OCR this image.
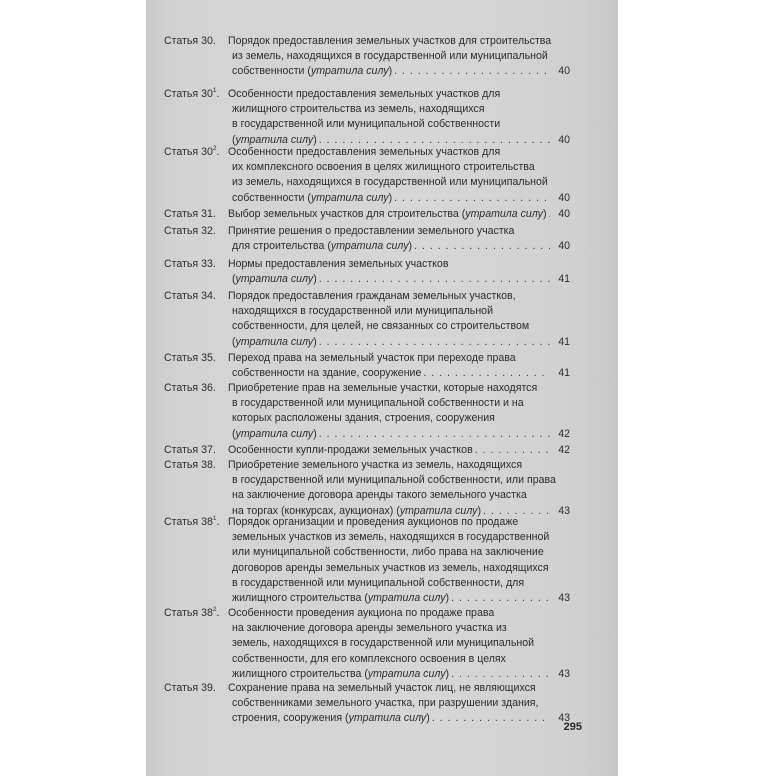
Статья 30.	Порядок предоставления земельных участков для строительства
из земель, находящихся в государственной или муниципальной
собственности (утратила силу) . . .	40
Статья $30^1$. Особенности предоставления земельных участков для
жилищного строительства из земель, находящихся
в государственной или муниципальной собственности
(утратила силу) . . .	40
Статья $30^2$. Особенности предоставления земельных участков для
их комплексного освоения в целях жилищного строительства
из земель, находящихся в государственной или муниципальной
собственности (утратила силу) . . .	40
Статья 31.	Выбор земельных участков для строительства (утратила силу) . . .	40
Статья 32.	Принятие решения о предоставлении земельного участка
для строительства (утратила силу) . . .	40
Статья 33.	Нормы предоставления земельных участков
(утратила силу) . . .	41
Статья 34.	Порядок предоставления гражданам земельных участков,
находящихся в государственной или муниципальной
собственности, для целей, не связанных со строительством
(утратила силу) . . .	41
Статья 35.	Переход права на земельный участок при переходе права
собственности на здание, сооружение . . .	41
Статья 36.	Приобретение прав на земельные участки, которые находятся
в государственной или муниципальной собственности и на
которых расположены здания, строения, сооружения
(утратила силу) . . .	42
Статья 37.	Особенности купли-продажи земельных участков . . .	42
Статья 38.	Приобретение земельного участка из земель, находящихся
в государственной или муниципальной собственности, или права
на заключение договора аренды такого земельного участка
на торгах (конкурсах, аукционах) (утратила силу) . . .	43
Статья $38^1$. Порядок организации и проведения аукционов по продаже
земельных участков из земель, находящихся в государственной
или муниципальной собственности, либо права на заключение
договоров аренды земельных участков из земель, находящихся
в государственной или муниципальной собственности, для
жилищного строительства (утратила силу) . . .	43
Статья $38^2$. Особенности проведения аукциона по продаже права
на заключение договора аренды земельного участка из
земель, находящихся в государственной или муниципальной
собственности, для его комплексного освоения в целях
жилищного строительства (утратила силу) . . .	43
Статья 39.	Сохранение права на земельный участок лиц, не являющихся
собственниками земельного участка, при разрушении здания,
строения, сооружения (утратила силу) . . .	43
295
